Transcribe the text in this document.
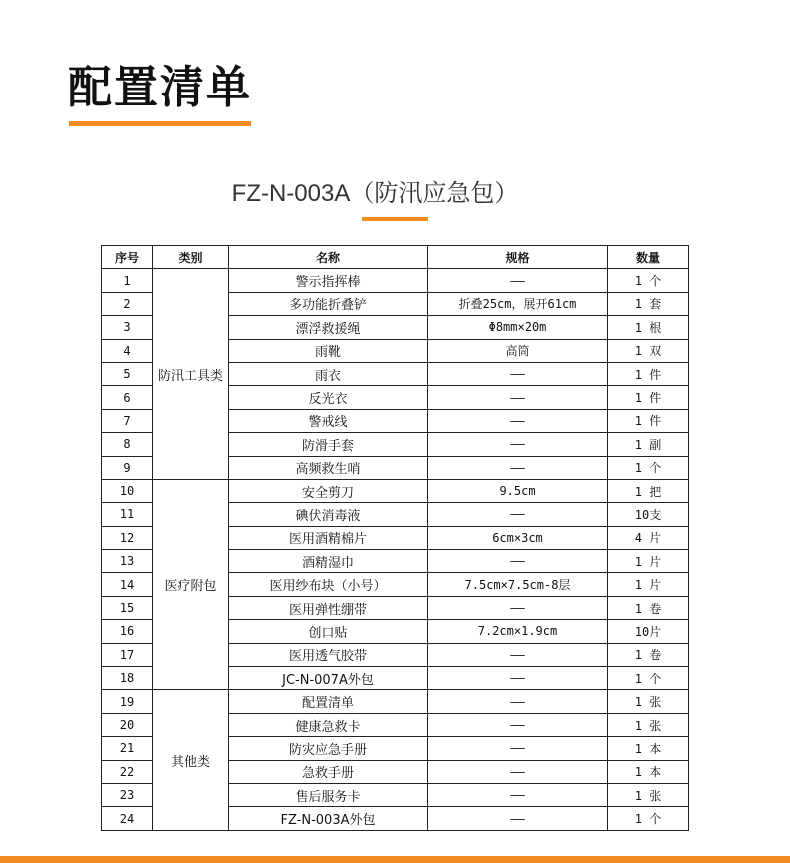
配置清单
FZ-N-003A（防汛应急包）
序号	类别	名称	规格	数量
1	防汛工具类	警示指挥棒	——	1 个
2		多功能折叠铲	折叠25cm，展开61cm	1 套
3		漂浮救援绳	Φ8mm×20m	1 根
4		雨靴	高筒	1 双
5		雨衣	——	1 件
6		反光衣	——	1 件
7		警戒线	——	1 件
8		防滑手套	——	1 副
9		高频救生哨	——	1 个
10	医疗附包	安全剪刀	9.5cm	1 把
11		碘伏消毒液	——	10支
12		医用酒精棉片	6cm×3cm	4 片
13		酒精湿巾	——	1 片
14		医用纱布块（小号）	7.5cm×7.5cm-8层	1 片
15		医用弹性绷带	——	1 卷
16		创口贴	7.2cm×1.9cm	10片
17		医用透气胶带	——	1 卷
18		JC-N-007A外包	——	1 个
19	其他类	配置清单	——	1 张
20		健康急救卡	——	1 张
21		防灾应急手册	——	1 本
22		急救手册	——	1 本
23		售后服务卡	——	1 张
24		FZ-N-003A外包	——	1 个
